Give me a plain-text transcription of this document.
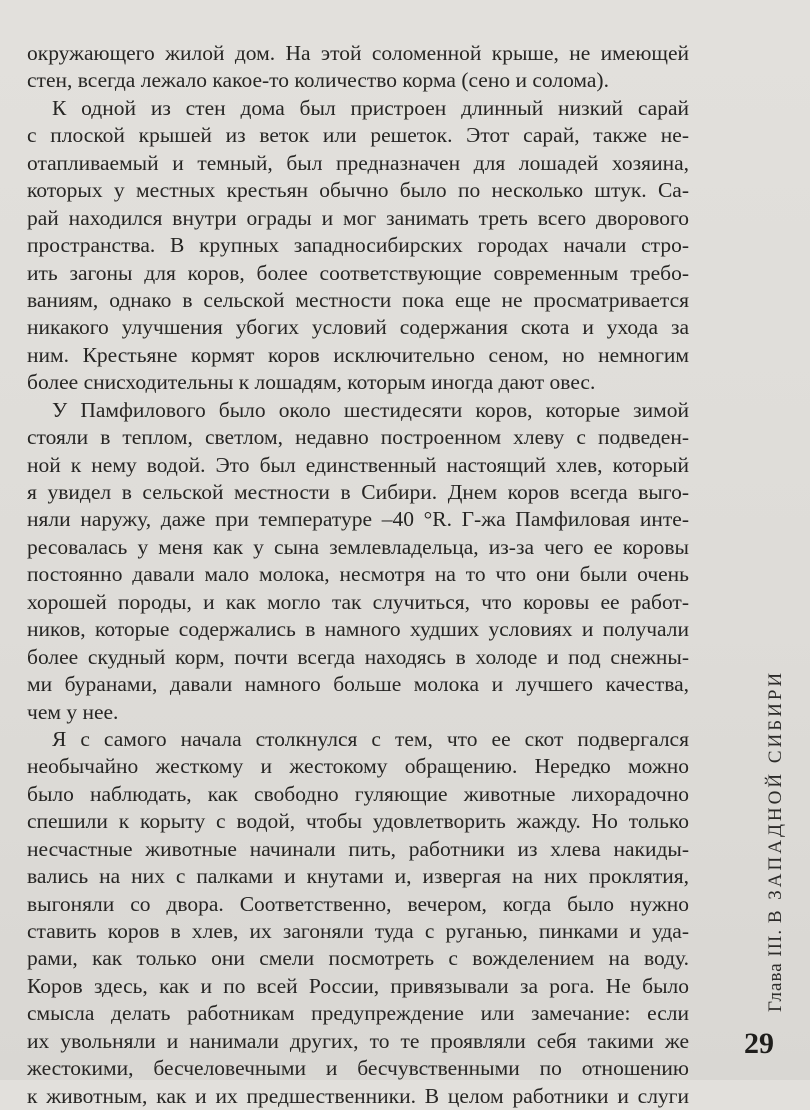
окружающего жилой дом. На этой соломенной крыше, не имеющей
стен, всегда лежало какое-то количество корма (сено и солома).
К одной из стен дома был пристроен длинный низкий сарай
с плоской крышей из веток или решеток. Этот сарай, также не-
отапливаемый и темный, был предназначен для лошадей хозяина,
которых у местных крестьян обычно было по несколько штук. Са-
рай находился внутри ограды и мог занимать треть всего дворового
пространства. В крупных западносибирских городах начали стро-
ить загоны для коров, более соответствующие современным требо-
ваниям, однако в сельской местности пока еще не просматривается
никакого улучшения убогих условий содержания скота и ухода за
ним. Крестьяне кормят коров исключительно сеном, но немногим
более снисходительны к лошадям, которым иногда дают овес.
У Памфилового было около шестидесяти коров, которые зимой
стояли в теплом, светлом, недавно построенном хлеву с подведен-
ной к нему водой. Это был единственный настоящий хлев, который
я увидел в сельской местности в Сибири. Днем коров всегда выго-
няли наружу, даже при температуре –40 °R. Г-жа Памфиловая инте-
ресовалась у меня как у сына землевладельца, из-за чего ее коровы
постоянно давали мало молока, несмотря на то что они были очень
хорошей породы, и как могло так случиться, что коровы ее работ-
ников, которые содержались в намного худших условиях и получали
более скудный корм, почти всегда находясь в холоде и под снежны-
ми буранами, давали намного больше молока и лучшего качества,
чем у нее.
Я с самого начала столкнулся с тем, что ее скот подвергался
необычайно жесткому и жестокому обращению. Нередко можно
было наблюдать, как свободно гуляющие животные лихорадочно
спешили к корыту с водой, чтобы удовлетворить жажду. Но только
несчастные животные начинали пить, работники из хлева накиды-
вались на них с палками и кнутами и, извергая на них проклятия,
выгоняли со двора. Соответственно, вечером, когда было нужно
ставить коров в хлев, их загоняли туда с руганью, пинками и уда-
рами, как только они смели посмотреть с вожделением на воду.
Коров здесь, как и по всей России, привязывали за рога. Не было
смысла делать работникам предупреждение или замечание: если
их увольняли и нанимали других, то те проявляли себя такими же
жестокими, бесчеловечными и бесчувственными по отношению
к животным, как и их предшественники. В целом работники и слуги
Глава III. В ЗАПАДНОЙ СИБИРИ
29
